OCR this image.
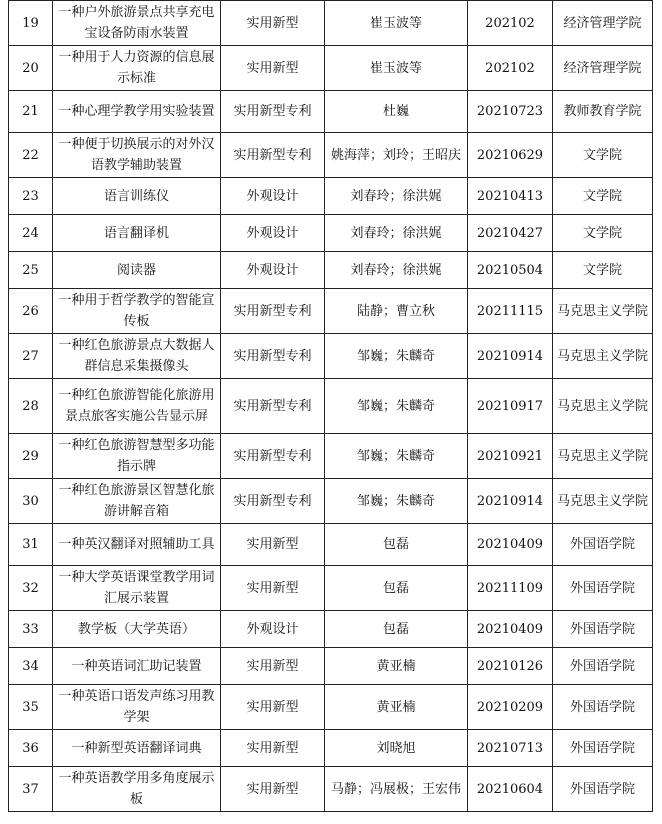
19	一种户外旅游景点共享充电宝设备防雨水装置	实用新型	崔玉波等	202102	经济管理学院
20	一种用于人力资源的信息展示标准	实用新型	崔玉波等	202102	经济管理学院
21	一种心理学教学用实验装置	实用新型专利	杜巍	20210723	教师教育学院
22	一种便于切换展示的对外汉语教学辅助装置	实用新型专利	姚海萍；刘玲；王昭庆	20210629	文学院
23	语言训练仪	外观设计	刘春玲；徐洪娓	20210413	文学院
24	语言翻译机	外观设计	刘春玲；徐洪娓	20210427	文学院
25	阅读器	外观设计	刘春玲；徐洪娓	20210504	文学院
26	一种用于哲学教学的智能宣传板	实用新型专利	陆静；曹立秋	20211115	马克思主义学院
27	一种红色旅游景点大数据人群信息采集摄像头	实用新型专利	邹巍；朱麟奇	20210914	马克思主义学院
28	一种红色旅游智能化旅游用景点旅客实施公告显示屏	实用新型专利	邹巍；朱麟奇	20210917	马克思主义学院
29	一种红色旅游智慧型多功能指示牌	实用新型专利	邹巍；朱麟奇	20210921	马克思主义学院
30	一种红色旅游景区智慧化旅游讲解音箱	实用新型专利	邹巍；朱麟奇	20210914	马克思主义学院
31	一种英汉翻译对照辅助工具	实用新型	包磊	20210409	外国语学院
32	一种大学英语课堂教学用词汇展示装置	实用新型	包磊	20211109	外国语学院
33	教学板（大学英语）	外观设计	包磊	20210409	外国语学院
34	一种英语词汇助记装置	实用新型	黄亚楠	20210126	外国语学院
35	一种英语口语发声练习用教学架	实用新型	黄亚楠	20210209	外国语学院
36	一种新型英语翻译词典	实用新型	刘晓旭	20210713	外国语学院
37	一种英语教学用多角度展示板	实用新型	马静；冯展极；王宏伟	20210604	外国语学院
